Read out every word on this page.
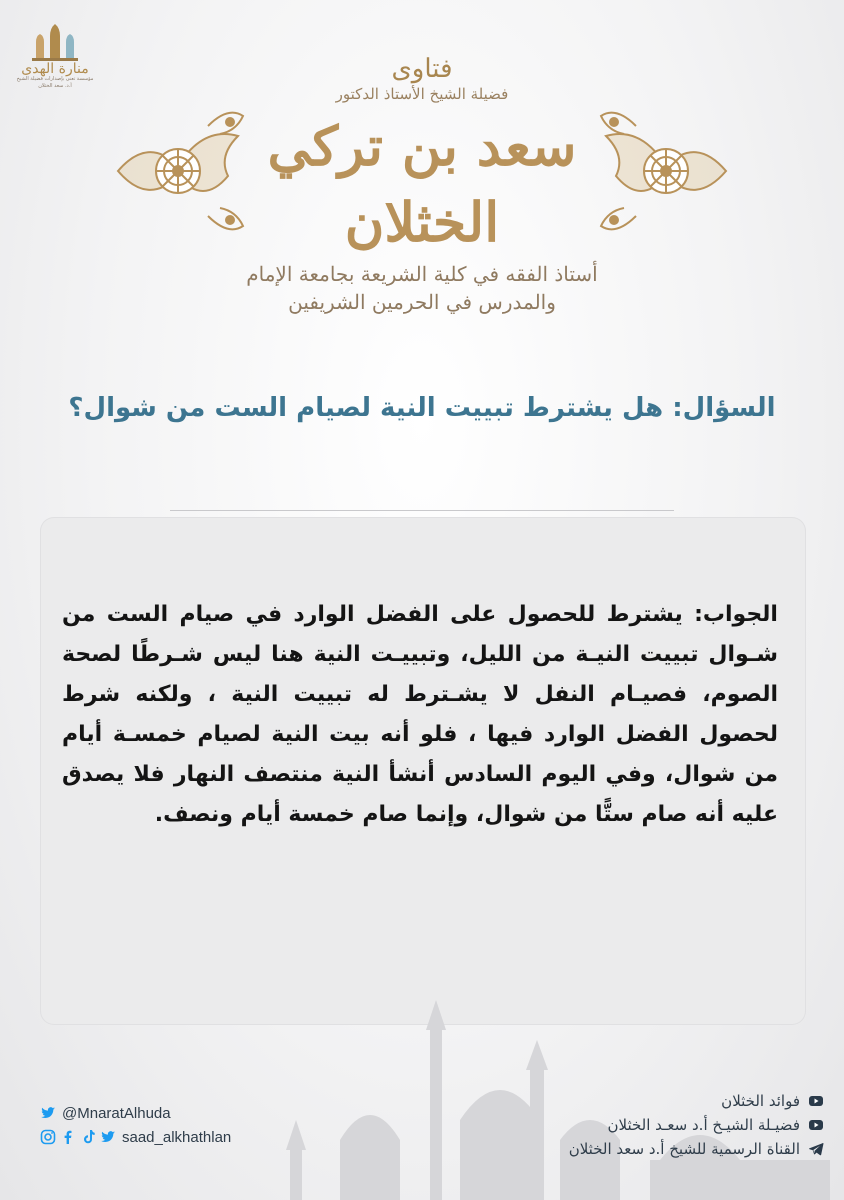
منارة الهدى
مؤسسة تعنى بإصدارات فضيلة الشيخ أ.د. سعد الخثلان
فتاوى
فضيلة الشيخ الأستاذ الدكتور
سعد بن تركي الخثلان
أستاذ الفقه في كلية الشريعة بجامعة الإمام
والمدرس في الحرمين الشريفين
السؤال: هل يشترط تبييت النية لصيام الست من شوال؟
الجواب: يشترط للحصول على الفضل الوارد في صيام الست من شـوال تبييت النيـة من الليل، وتبييـت النية هنا ليس شـرطًا لصحة الصوم، فصيـام النفل لا يشـترط له تبييت النية ، ولكنه شرط لحصول الفضل الوارد فيها ، فلو أنه بيت النية لصيام خمسـة أيام من شوال، وفي اليوم السادس أنشأ النية منتصف النهار فلا يصدق عليه أنه صام ستًّا من شوال، وإنما صام خمسة أيام ونصف.
@MnaratAlhuda
saad_alkhathlan
فوائد الخثلان
فضيـلة الشيـخ أ.د سعـد الخثلان
القناة الرسمية للشيخ أ.د سعد الخثلان
